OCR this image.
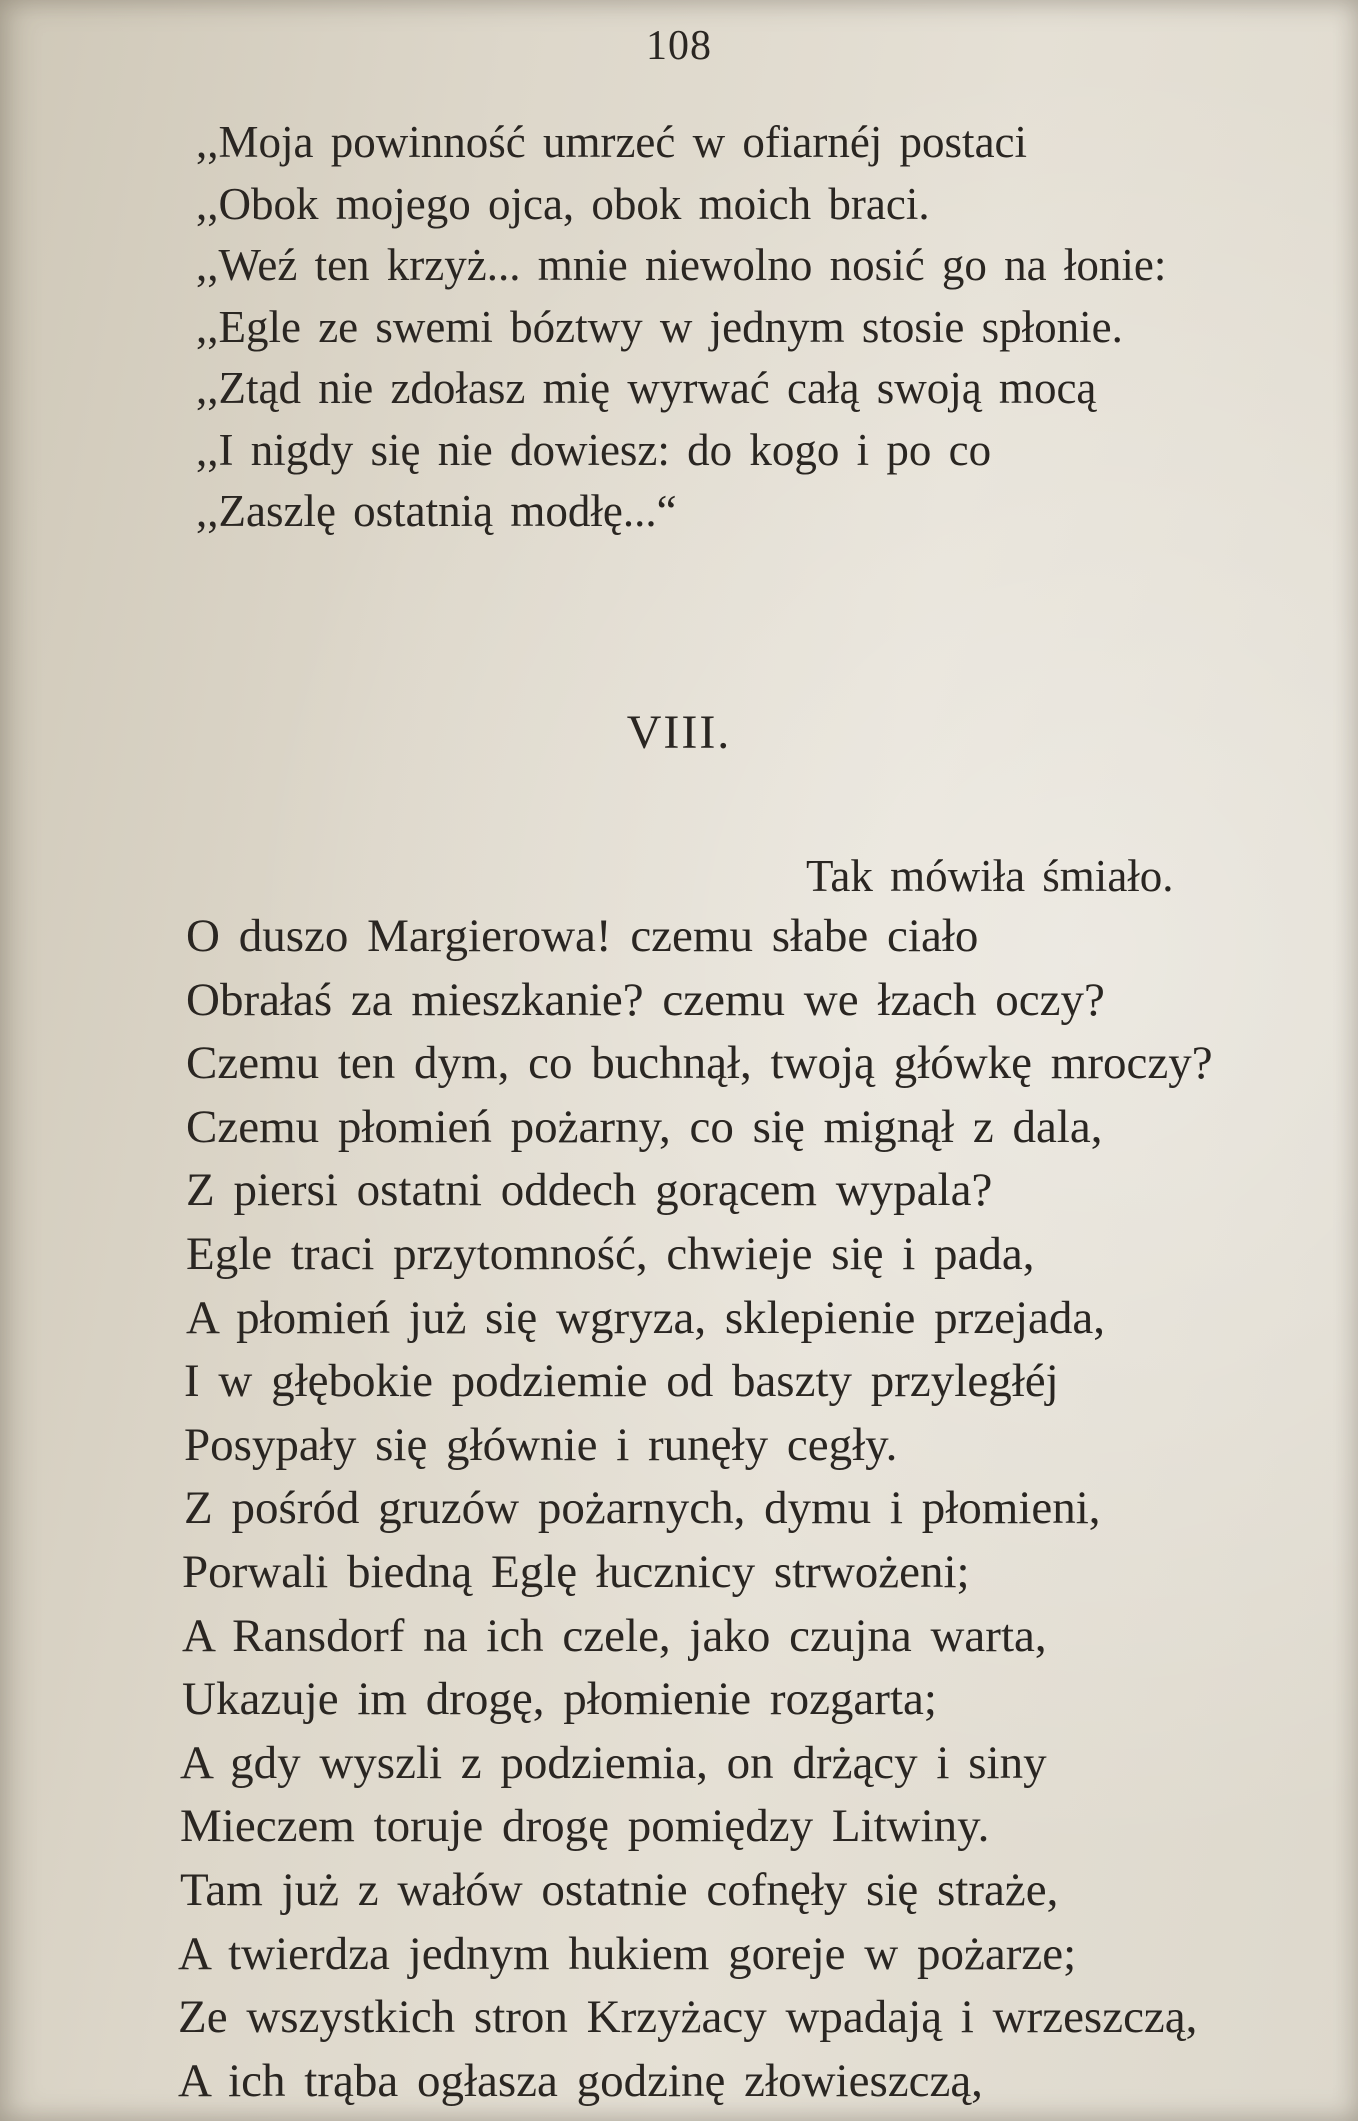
108
,,Moja powinność umrzeć w ofiarnéj postaci
,,Obok mojego ojca, obok moich braci.
,,Weź ten krzyż... mnie niewolno nosić go na łonie:
,,Egle ze swemi bóztwy w jednym stosie spłonie.
,,Ztąd nie zdołasz mię wyrwać całą swoją mocą
,,I nigdy się nie dowiesz: do kogo i po co
,,Zaszlę ostatnią modłę...“
VIII.
Tak mówiła śmiało.
O duszo Margierowa! czemu słabe ciało
Obrałaś za mieszkanie? czemu we łzach oczy?
Czemu ten dym, co buchnął, twoją główkę mroczy?
Czemu płomień pożarny, co się mignął z dala,
Z piersi ostatni oddech gorącem wypala?
Egle traci przytomność, chwieje się i pada,
A płomień już się wgryza, sklepienie przejada,
I w głębokie podziemie od baszty przyległéj
Posypały się głównie i runęły cegły.
Z pośród gruzów pożarnych, dymu i płomieni,
Porwali biedną Eglę łucznicy strwożeni;
A Ransdorf na ich czele, jako czujna warta,
Ukazuje im drogę, płomienie rozgarta;
A gdy wyszli z podziemia, on drżący i siny
Mieczem toruje drogę pomiędzy Litwiny.
Tam już z wałów ostatnie cofnęły się straże,
A twierdza jednym hukiem goreje w pożarze;
Ze wszystkich stron Krzyżacy wpadają i wrzeszczą,
A ich trąba ogłasza godzinę złowieszczą,
